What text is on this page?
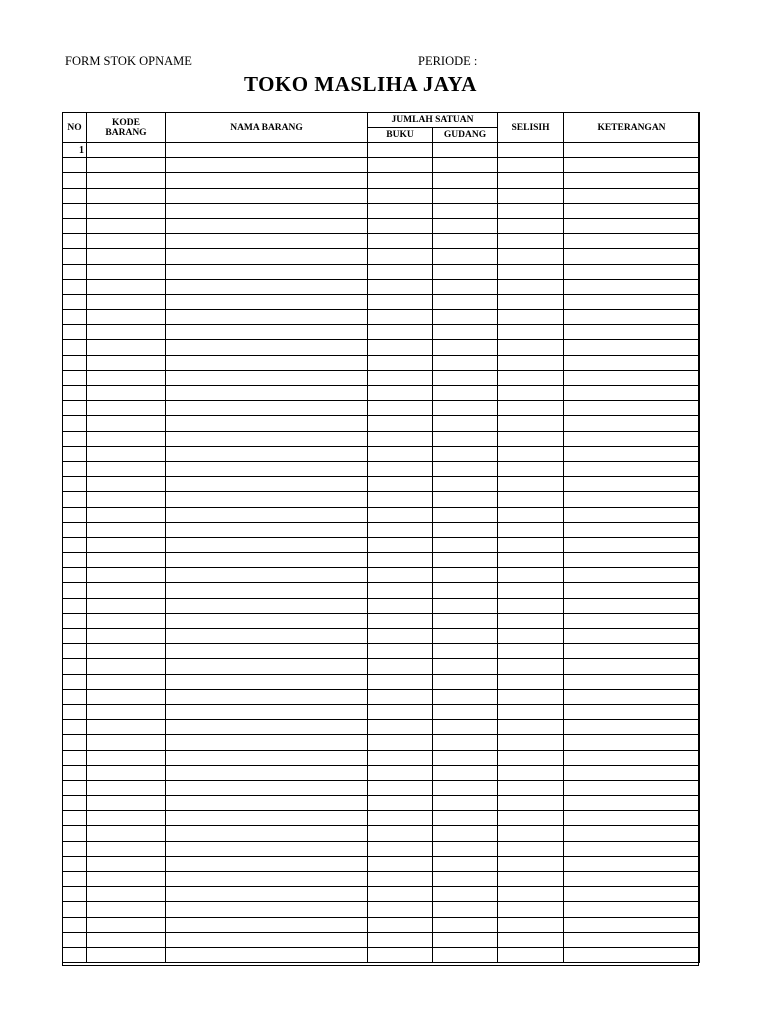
FORM STOK OPNAME	PERIODE :
TOKO MASLIHA JAYA
NO	KODE BARANG	NAMA BARANG	JUMLAH SATUAN		SELISIH	KETERANGAN
			BUKU	GUDANG		
1						
